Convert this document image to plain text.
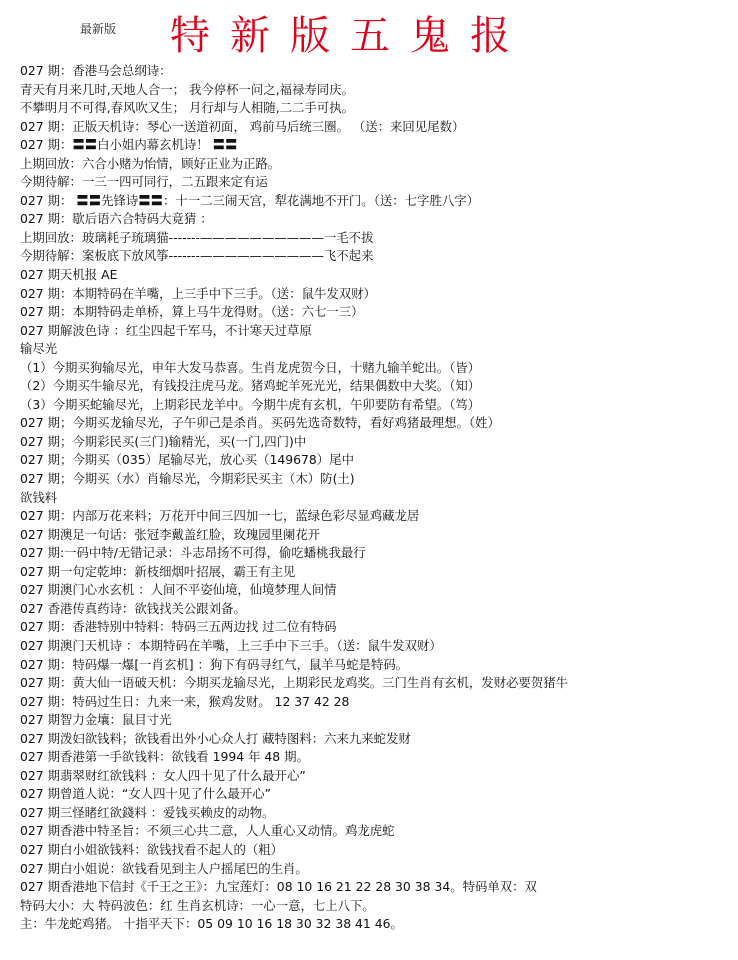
最新版 特新版五鬼报
027 期：香港马会总纲诗：
青天有月来几时,天地人合一； 我今停杯一问之,福禄寿同庆。
不攀明月不可得,春风吹又生； 月行却与人相随,二二手可执。
027 期：正版天机诗：琴心一送道初面， 鸡前马后统三圈。 （送：来回见尾数）
027 期：〓〓白小姐内幕玄机诗！ 〓〓
上期回放：六合小赌为怡情，顾好正业为正路。
今期待解：一三一四可同行，二五跟来定有运
027 期： 〓〓先锋诗〓〓：十一二三闹天宫，犁花满地不开门。（送：七字胜八字）
027 期：歇后语六合特码大竟猜 ：
上期回放：玻璃耗子琉璃猫-------——————————一毛不拔
今期待解：案板底下放风筝-------——————————飞不起来
027 期天机报 AE
027 期：本期特码在羊嘴，上三手中下三手。（送：鼠牛发双财）
027 期：本期特码走单桥，算上马牛龙得财。（送：六七一三）
027 期解波色诗 ：红尘四起千军马，不计寒天过草原
输尽光
（1）今期买狗输尽光，申年大发马恭喜。生肖龙虎贺今日，十赌九输羊蛇出。（皆）
（2）今期买牛输尽光，有钱投注虎马龙。猪鸡蛇羊死光光，结果偶数中大奖。（知）
（3）今期买蛇输尽光，上期彩民龙羊中。今期牛虎有玄机，午卯要防有希望。（笃）
027 期；今期买龙输尽光，子午卯己是杀肖。买码先选奇数特，看好鸡猪最理想。（姓）
027 期；今期彩民买(三门)输精光，买(一门,四门)中
027 期；今期买（035）尾输尽光，放心买（149678）尾中
027 期；今期买（水）肖输尽光，今期彩民买主（木）防(土)
欲钱料
027 期：内部万花来料；万花开中间三四加一七，蓝绿色彩尽显鸡藏龙居
027 期澳足一句话：张冠李戴盖红脸，玫瑰园里阑花开
027 期:一码中特/无错记录：斗志昂扬不可得，偷吃蟠桃我最行
027 期一句定乾坤：新枝细烟叶招展，霸王有主见
027 期澳门心水玄机 ：人间不平姿仙境，仙境梦理人间情
027 香港传真药诗：欲钱找关公跟刘备。
027 期：香港特别中特料：特码三五两边找 过二位有特码
027 期澳门天机诗 ：本期特码在羊嘴，上三手中下三手。（送：鼠牛发双财）
027 期：特码爆一爆[一肖玄机] ：狗下有码寻红气，鼠羊马蛇是特码。
027 期：黄大仙一语破天机：今期买龙输尽光，上期彩民龙鸡奖。三门生肖有玄机，发财必要贺猪牛
027 期：特码过生日：九来一来，猴鸡发财。 12 37 42 28
027 期智力金壤：鼠目寸光
027 期泼妇欲钱料；欲钱看出外小心众人打 藏特图料：六来九来蛇发财
027 期香港第一手欲钱料：欲钱看 1994 年 48 期。
027 期翡翠财红欲钱料 ：女人四十见了什么最开心”
027 期曾道人说：“女人四十见了什么最开心”
027 期三怪睹红欲錢料 ：爱钱买赖皮的动物。
027 期香港中特圣旨：不须三心共二意，人人重心又动情。鸡龙虎蛇
027 期白小姐欲钱料：欲钱找看不起人的（粗）
027 期白小姐说：欲钱看见到主人户摇尾巴的生肖。
027 期香港地下信封《千王之王》：九宝莲灯：08 10 16 21 22 28 30 38 34。特码单双：双
特码大小：大 特码波色：红 生肖玄机诗：一心一意，七上八下。
主：牛龙蛇鸡猪。 十指平天下：05 09 10 16 18 30 32 38 41 46。
